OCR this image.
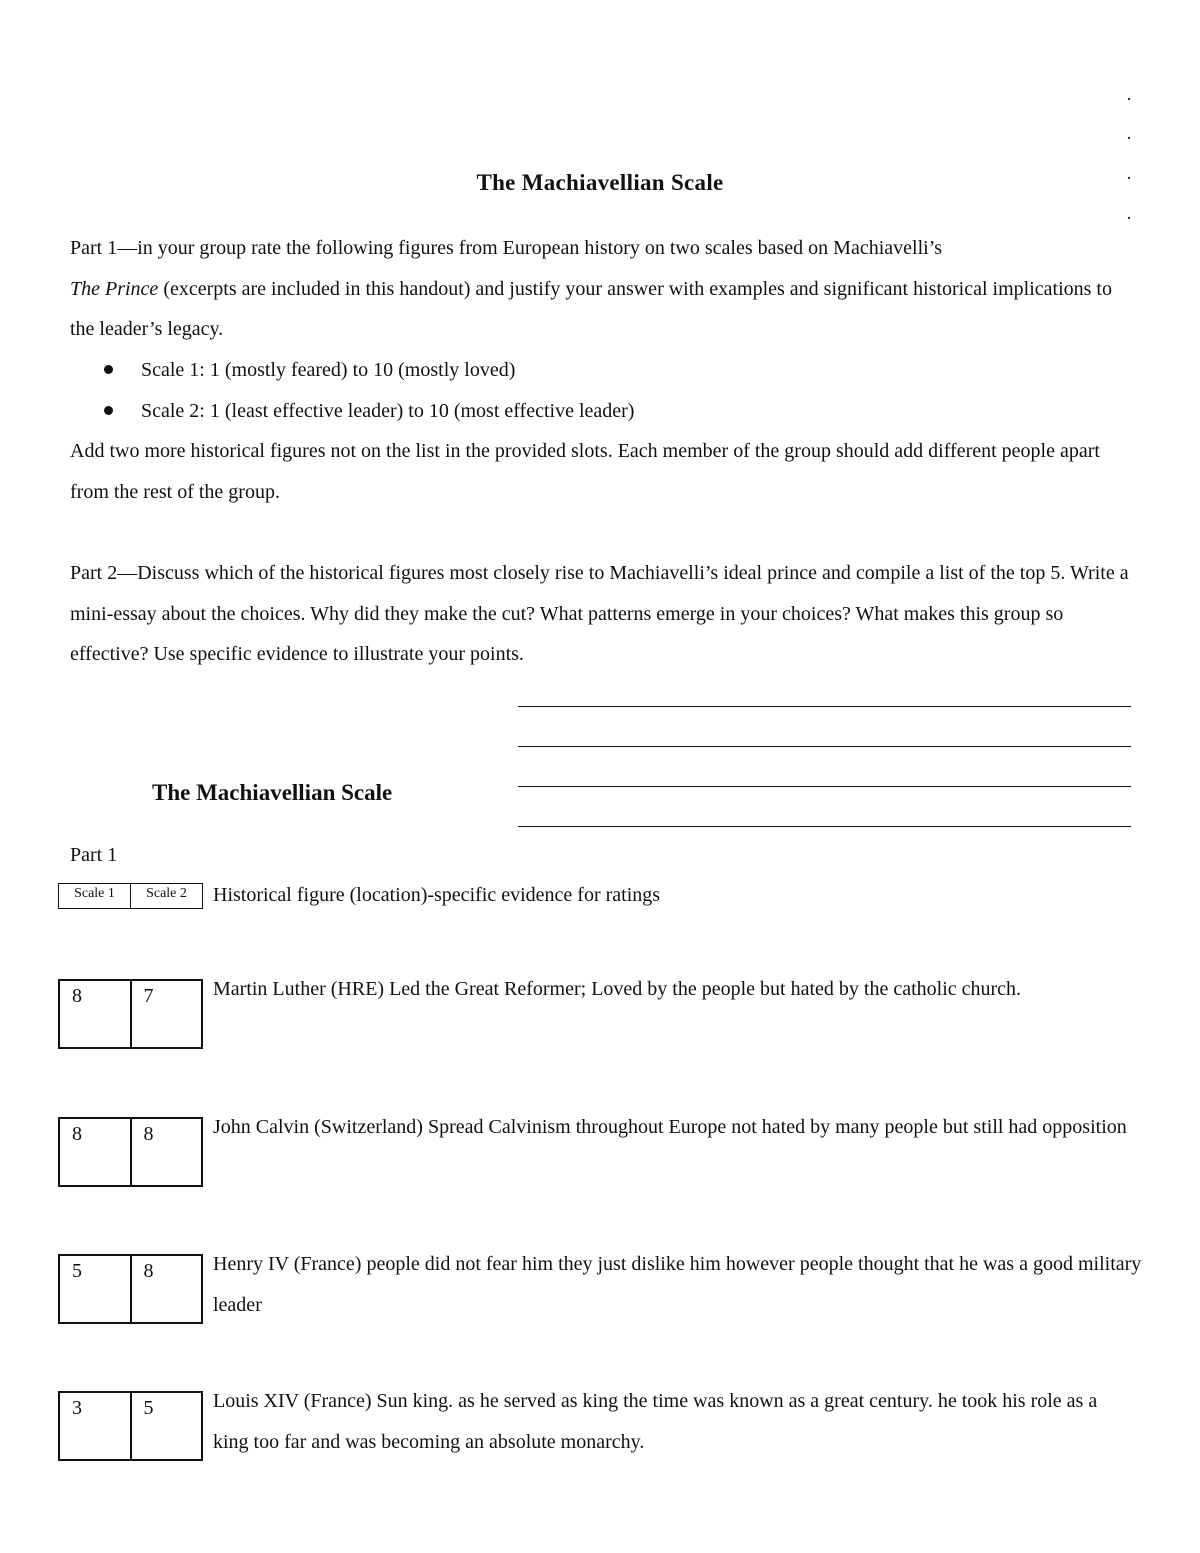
The Machiavellian Scale
Part 1—in your group rate the following figures from European history on two scales based on Machiavelli’s
The Prince (excerpts are included in this handout) and justify your answer with examples and significant historical implications to the leader’s legacy.
Scale 1: 1 (mostly feared) to 10 (mostly loved)
Scale 2: 1 (least effective leader) to 10 (most effective leader)
Add two more historical figures not on the list in the provided slots. Each member of the group should add different people apart from the rest of the group.
Part 2—Discuss which of the historical figures most closely rise to Machiavelli’s ideal prince and compile a list of the top 5. Write a mini-essay about the choices. Why did they make the cut? What patterns emerge in your choices? What makes this group so effective? Use specific evidence to illustrate your points.
The Machiavellian Scale
Part 1
Scale 1	Scale 2	Historical figure (location)-specific evidence for ratings
8	7	Martin Luther (HRE) Led the Great Reformer; Loved by the people but hated by the catholic church.
8	8	John Calvin (Switzerland) Spread Calvinism throughout Europe not hated by many people but still had opposition
5	8	Henry IV (France) people did not fear him they just dislike him however people thought that he was a good military leader
3	5	Louis XIV (France) Sun king. as he served as king the time was known as a great century. he took his role as a king too far and was becoming an absolute monarchy.
